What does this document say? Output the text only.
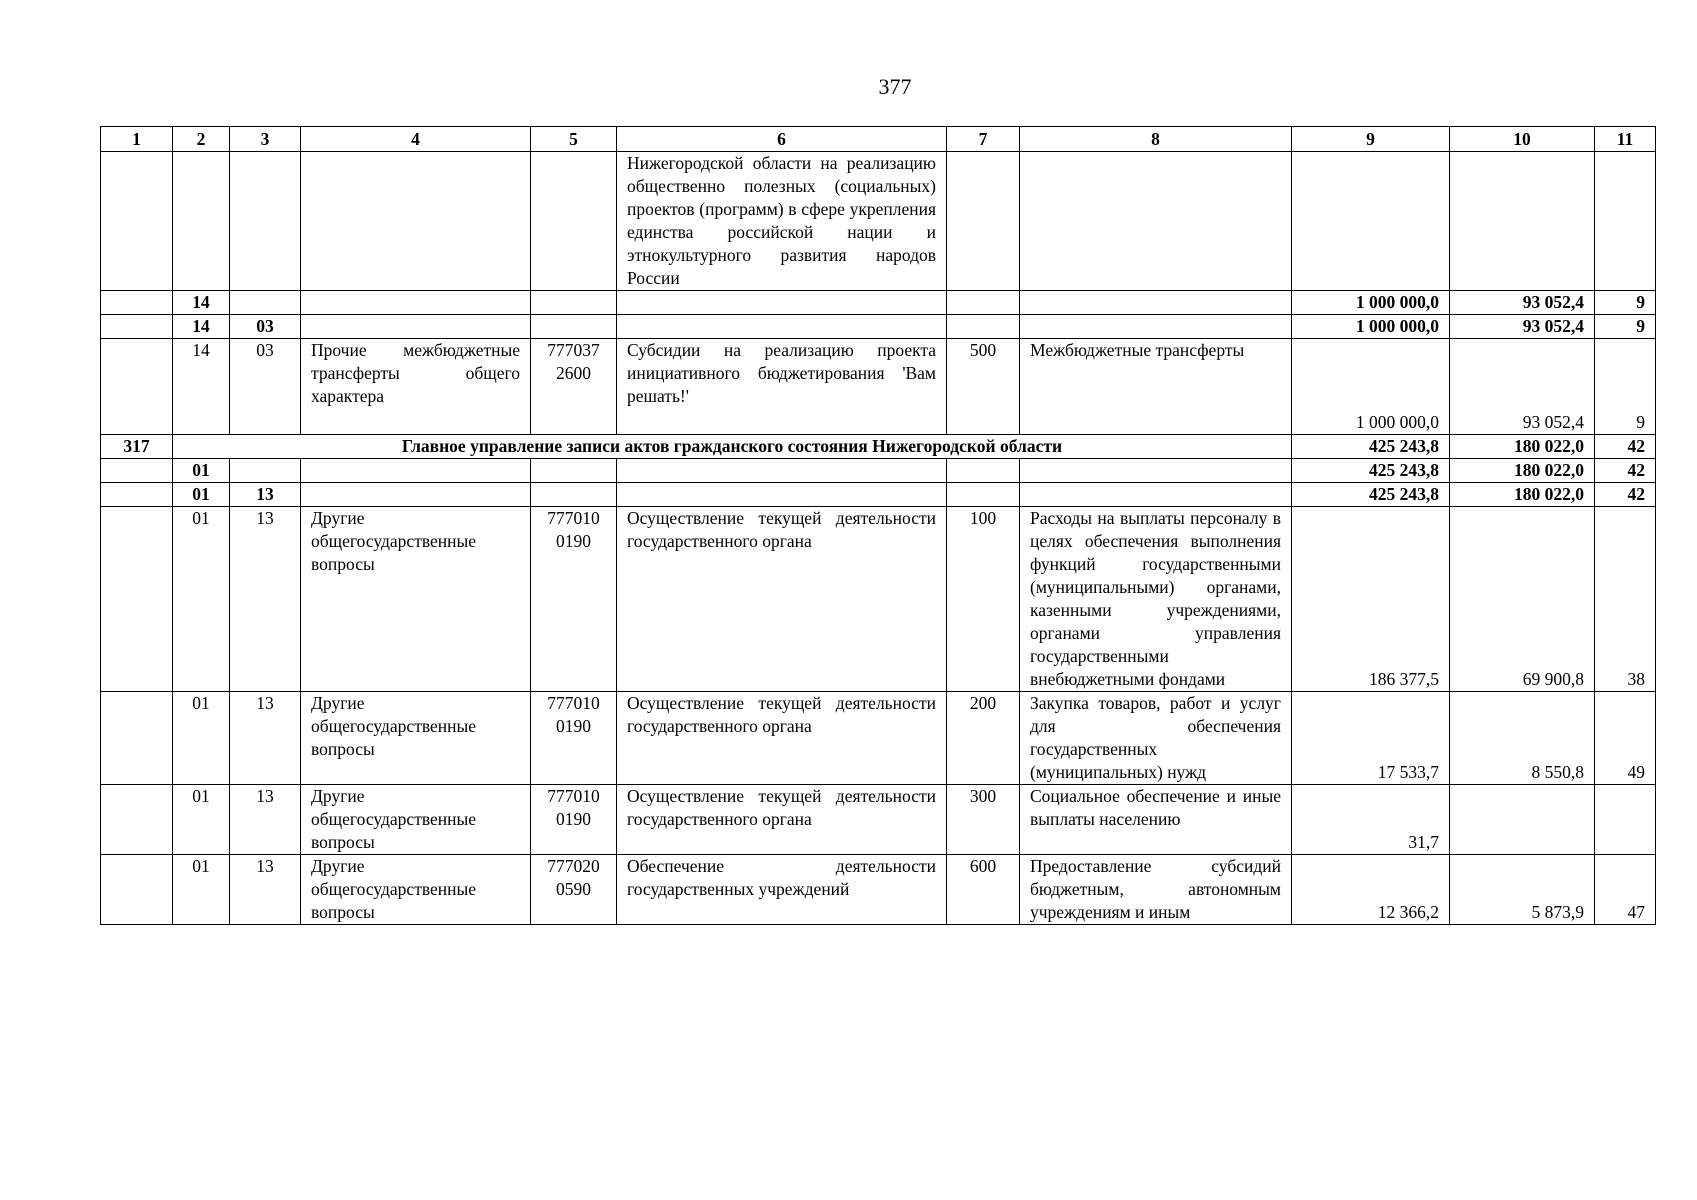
377
1	2	3	4	5	6	7	8	9	10	11
					Нижегородской области на реализацию общественно полезных (социальных) проектов (программ) в сфере укрепления единства российской нации и этнокультурного развития народов России					
	14							1 000 000,0	93 052,4	9
	14	03						1 000 000,0	93 052,4	9
	14	03	Прочие межбюджетные трансферты общего характера	777037 2600	Субсидии на реализацию проекта инициативного бюджетирования 'Вам решать!'	500	Межбюджетные трансферты	1 000 000,0	93 052,4	9
317	Главное управление записи актов гражданского состояния Нижегородской области							425 243,8	180 022,0	42
	01							425 243,8	180 022,0	42
	01	13						425 243,8	180 022,0	42
	01	13	Другие общегосударственные вопросы	777010 0190	Осуществление текущей деятельности государственного органа	100	Расходы на выплаты персоналу в целях обеспечения выполнения функций государственными (муниципальными) органами, казенными учреждениями, органами управления государственными внебюджетными фондами	186 377,5	69 900,8	38
	01	13	Другие общегосударственные вопросы	777010 0190	Осуществление текущей деятельности государственного органа	200	Закупка товаров, работ и услуг для обеспечения государственных (муниципальных) нужд	17 533,7	8 550,8	49
	01	13	Другие общегосударственные вопросы	777010 0190	Осуществление текущей деятельности государственного органа	300	Социальное обеспечение и иные выплаты населению	31,7		
	01	13	Другие общегосударственные вопросы	777020 0590	Обеспечение деятельности государственных учреждений	600	Предоставление субсидий бюджетным, автономным учреждениям и иным	12 366,2	5 873,9	47
